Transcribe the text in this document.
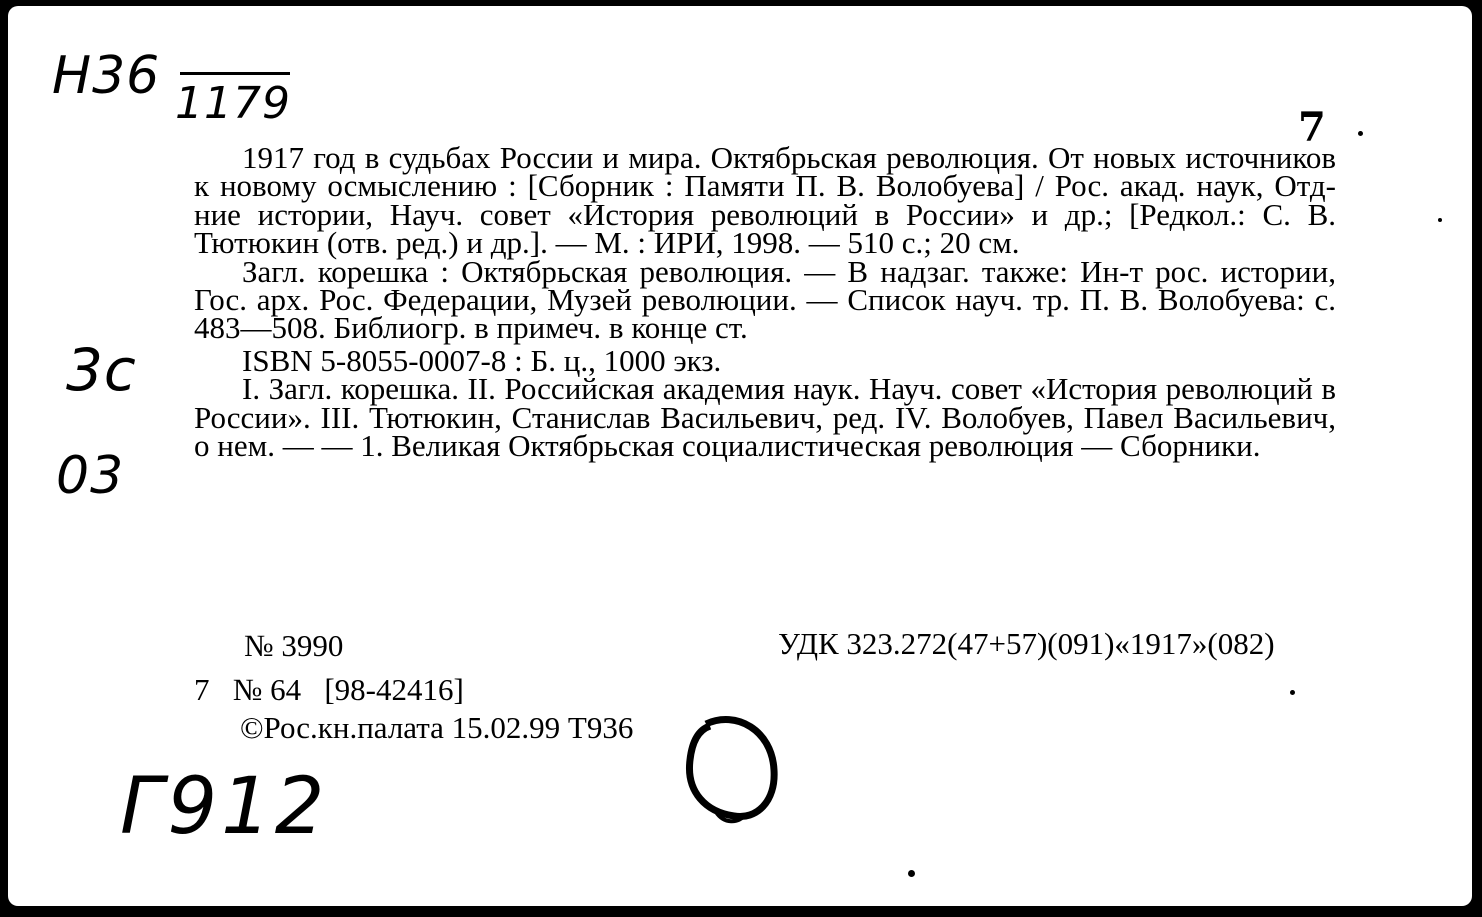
Н36 1179	7
3с
03

1917 год в судьбах России и мира. Октябрьская революция. От новых источников к новому осмыслению : [Сборник : Памяти П. В. Волобуева] / Рос. акад. наук, Отд-ние истории, Науч. совет «История революций в России» и др.; [Редкол.: С. В. Тютюкин (отв. ред.) и др.]. — М. : ИРИ, 1998. — 510 с.; 20 см.

Загл. корешка : Октябрьская революция. — В надзаг. также: Ин-т рос. истории, Гос. арх. Рос. Федерации, Музей революции. — Список науч. тр. П. В. Волобуева: с. 483—508. Библиогр. в примеч. в конце ст.

ISBN 5-8055-0007-8 : Б. ц., 1000 экз.

I. Загл. корешка. II. Российская академия наук. Науч. совет «История революций в России». III. Тютюкин, Станислав Васильевич, ред. IV. Волобуев, Павел Васильевич, о нем. — — 1. Великая Октябрьская социалистическая революция — Сборники.

№ 3990	УДК 323.272(47+57)(091)«1917»(082)
7   № 64   [98-42416]
©Рос.кн.палата 15.02.99 Т936
Г912
